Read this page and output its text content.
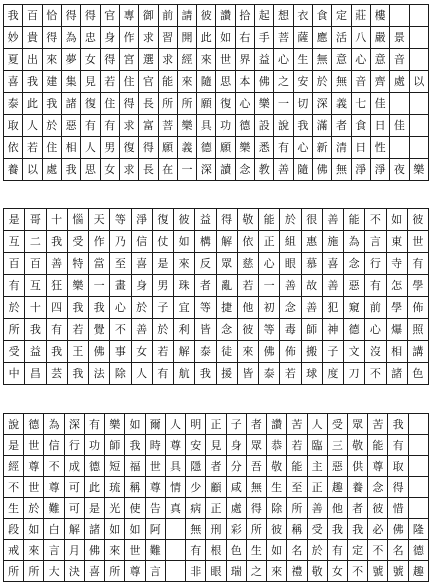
我	百	恰	得	得	官	專	御	前	請	彼	讚	拾	起	想	衣	食	定	莊	樓		
妙	貴	得	為	忠	身	作	求	習	開	此	如	右	手	菩	薩	應	活	八	嚴	景	
夏	出	來	夢	女	得	宮	選	求	經	來	世	界	益	心	生	無	意	心	意	音	
喜	我	建	集	見	若	住	官	能	來	隨	思	本	佛	之	安	於	無	音	齊	處	以
泰	此	我	諸	復	住	得	長	所	所	願	復	心	樂	一	切	深	義	七	佳		
取	人	於	惡	有	有	求	富	菩	樂	具	功	德	設	說	我	滿	者	食	日	佳	
依	若	住	相	人	男	復	得	願	義	德	願	樂	悉	有	心	新	清	日	性		
養	以	處	我	思	女	求	長	在	一	深	讀	念	教	善	隨	佛	無	淨	淨	夜	樂
是	哥	十	惱	天	等	淨	復	彼	益	得	敬	能	於	很	善	能	不	如	彼
互	二	我	受	作	乃	信	仗	如	構	解	依	正	組	惠	施	為	言	東	世
百	百	善	特	當	至	喜	是	來	反	眾	慈	心	眼	慕	喜	念	行	寺	有
有	互	狂	樂	一	畫	身	男	珠	者	亂	若	一	善	故	善	惡	有	怎	學
於	十	四	我	我	心	於	子	宜	等	捷	他	初	念	善	犯	窺	前	學	佈
所	我	有	若	覺	不	善	於	利	皆	念	彼	等	毒	師	神	德	心	爆	照
受	益	我	王	佛	事	女	若	解	泰	徒	來	佛	佈	搬	子	文	沒	相	講
中	昌	芸	我	法	除	人	有	航	我	援	皆	泰	若	球	度	刀	不	諸	色
說	德	為	深	有	樂	如	爾	人	明	正	子	者	讚	苦	人	受	眾	苦	我	
是	世	信	行	功	師	我	時	尊	安	見	身	眾	恭	若	臨	三	敬	能	有	
經	尊	不	成	德	短	福	世	具	隱	者	分	吾	敬	能	主	惡	供	尊	取	
不	世	尊	可	此	琉	稱	尊	情	少	顧	咸	無	生	至	正	趣	養	念	得	
生	於	難	可	是	光	使	告	真	病	正	處	得	除	所	善	他	者	彼	惜	
段	如	白	解	諸	如	如	阿		無	刑	彩	所	彼	稱	受	我	我	必	佛	隆
戒	來	言	月	佛	來	世	難		有	根	色	生	如	名	於	有	定	不	名	德
所	所	大	決	喜	所	尊	言		非	眼	瑞	之	來	禮	敬	女	不	號	號	趣
